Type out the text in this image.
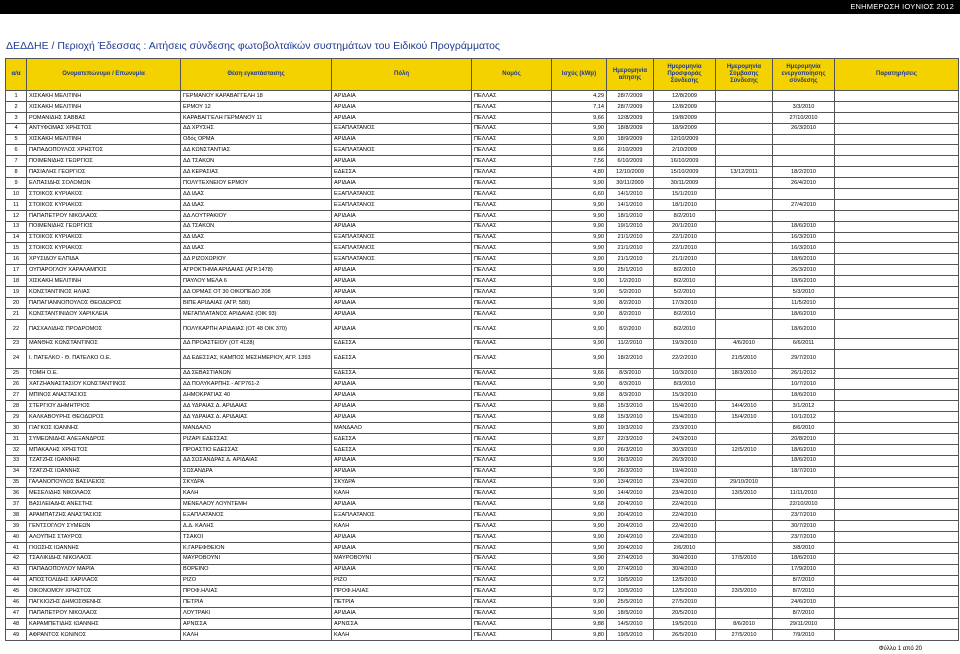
ΕΝΗΜΕΡΩΣΗ ΙΟΥΝΙΟΣ 2012
ΔΕΔΔΗΕ / Περιοχή Έδεσσας : Αιτήσεις σύνδεσης φωτοβολταϊκών συστημάτων του Ειδικού Προγράμματος
α/α	Ονοματεπώνυμο / Επωνυμία	Θέση εγκατάστασης	Πόλη	Νομός	Ισχύς (kWp)	Ημερομηνία αίτησης	Ημερομηνία Προσφοράς Σύνδεσης	Ημερομηνία Σύμβασης Σύνδεσης	Ημερομηνία ενεργοποίησης σύνδεσης	Παρατηρήσεις
1	ΧΙΣΚΑΚΗ ΜΕΛΙΤΙΝΗ	ΓΕΡΜΑΝΟΥ ΚΑΡΑΒΑΓΓΕΛΗ 18	ΑΡΙΔΑΙΑ	ΠΕΛΛΑΣ	4,29	28/7/2009	12/8/2009			
2	ΧΙΣΚΑΚΗ ΜΕΛΙΤΙΝΗ	ΕΡΜΟΥ 12	ΑΡΙΔΑΙΑ	ΠΕΛΛΑΣ	7,14	28/7/2009	12/8/2009		3/3/2010	
3	ΡΩΜΑΝΙΔΗΣ ΣΑΒΒΑΣ	ΚΑΡΑΒΑΓΓΕΛΗ ΓΕΡΜΑΝΟΥ 11	ΑΡΙΔΑΙΑ	ΠΕΛΛΑΣ	9,66	12/8/2009	19/8/2009		27/10/2010	
4	ΑΝΤΥΦΩΜΑΣ ΧΡΗΣΤΟΣ	ΔΔ ΧΡΥΣΗΣ	ΕΞΑΠΛΑΤΑΝΟΣ	ΠΕΛΛΑΣ	9,90	18/8/2009	18/9/2009		26/3/2010	
5	ΧΙΣΚΑΚΗ ΜΕΛΙΤΙΝΗ	Οδός ΟΡΜΑ	ΑΡΙΔΑΙΑ	ΠΕΛΛΑΣ	9,90	18/9/2009	12/10/2009			
6	ΠΑΠΑΔΟΠΟΥΛΟΣ ΧΡΗΣΤΟΣ	ΔΔ ΚΩΝΣΤΑΝΤΙΑΣ	ΕΞΑΠΛΑΤΑΝΟΣ	ΠΕΛΛΑΣ	9,66	2/10/2009	2/10/2009			
7	ΠΟΙΜΕΝΙΔΗΣ ΓΕΩΡΓΙΟΣ	ΔΔ ΤΣΑΚΩΝ	ΑΡΙΔΑΙΑ	ΠΕΛΛΑΣ	7,56	6/10/2009	16/10/2009			
8	ΠΑΣΙΑΛΗΣ ΓΕΩΡΓΙΟΣ	ΔΔ ΚΕΡΑΣΙΑΣ	ΕΔΕΣΣΑ	ΠΕΛΛΑΣ	4,80	12/10/2009	15/10/2009	13/12/2011	18/2/2010	
9	ΕΛΠΑΣΙΔΗΣ ΣΟΛΟΜΩΝ	ΠΟΛΥΤΕΧΝΕΙΟΥ ΕΡΜΟΥ	ΑΡΙΔΑΙΑ	ΠΕΛΛΑΣ	9,90	30/11/2009	30/11/2009		26/4/2010	
10	ΣΤΟΙΚΟΣ ΚΥΡΙΑΚΟΣ	ΔΔ ΙΔΑΣ	ΕΞΑΠΛΑΤΑΝΟΣ	ΠΕΛΛΑΣ	6,60	14/1/2010	15/1/2010			
11	ΣΤΟΙΚΟΣ ΚΥΡΙΑΚΟΣ	ΔΔ ΙΔΑΣ	ΕΞΑΠΛΑΤΑΝΟΣ	ΠΕΛΛΑΣ	9,90	14/1/2010	18/1/2010		27/4/2010	
12	ΠΑΠΑΠΕΤΡΟΥ ΝΙΚΟΛΑΟΣ	ΔΔ ΛΟΥΤΡΑΚΙΟΥ	ΑΡΙΔΑΙΑ	ΠΕΛΛΑΣ	9,90	18/1/2010	8/2/2010			
13	ΠΟΙΜΕΝΙΔΗΣ ΓΕΩΡΓΙΟΣ	ΔΔ ΤΣΑΚΩΝ	ΑΡΙΔΑΙΑ	ΠΕΛΛΑΣ	9,90	19/1/2010	20/1/2010		18/6/2010	
14	ΣΤΟΙΚΟΣ ΚΥΡΙΑΚΟΣ	ΔΔ ΙΔΑΣ	ΕΞΑΠΛΑΤΑΝΟΣ	ΠΕΛΛΑΣ	9,90	21/1/2010	22/1/2010		16/3/2010	
15	ΣΤΟΙΚΟΣ ΚΥΡΙΑΚΟΣ	ΔΔ ΙΔΑΣ	ΕΞΑΠΛΑΤΑΝΟΣ	ΠΕΛΛΑΣ	9,90	21/1/2010	22/1/2010		16/3/2010	
16	ΧΡΥΣΙΔΟΥ ΕΛΠΙΔΑ	ΔΔ ΡΙΖΟΧΩΡΙΟΥ	ΕΞΑΠΛΑΤΑΝΟΣ	ΠΕΛΛΑΣ	9,90	21/1/2010	21/1/2010		18/6/2010	
17	ΟΥΠΑΡΟΓΛΟΥ ΧΑΡΑΛΑΜΠΟΣ	ΑΓΡΟΚΤΗΜΑ ΑΡΙΔΑΙΑΣ (ΑΓΡ.1478)	ΑΡΙΔΑΙΑ	ΠΕΛΛΑΣ	9,90	25/1/2010	8/2/2010		26/3/2010	
18	ΧΙΣΚΑΚΗ ΜΕΛΙΤΙΝΗ	ΠΑΥΛΟΥ ΜΕΛΑ 6	ΑΡΙΔΑΙΑ	ΠΕΛΛΑΣ	9,90	1/2/2010	8/2/2010		18/6/2010	
19	ΚΩΝΣΤΑΝΤΙΝΟΣ ΗΛΙΑΣ	ΔΔ ΟΡΜΑΣ ΟΤ 30 ΟΙΚΟΠΕΔΟ 208	ΑΡΙΔΑΙΑ	ΠΕΛΛΑΣ	9,90	5/2/2010	5/2/2010		5/3/2010	
20	ΠΑΠΑΓΙΑΝΝΟΠΟΥΛΟΣ ΘΕΟΔΩΡΟΣ	ΒΙΠΕ ΑΡΙΔΑΙΑΣ (ΑΓΡ. 580)	ΑΡΙΔΑΙΑ	ΠΕΛΛΑΣ	9,90	8/2/2010	17/3/2010		11/5/2010	
21	ΚΩΝΣΤΑΝΤΙΝΙΔΟΥ ΧΑΡΙΚΛΕΙΑ	ΜΕΓΑΠΛΑΤΑΝΟΣ ΑΡΙΔΑΙΑΣ (ΟΙΚ 93)	ΑΡΙΔΑΙΑ	ΠΕΛΛΑΣ	9,90	8/2/2010	8/2/2010		18/6/2010	
22	ΠΑΣΧΑΛΙΔΗΣ ΠΡΟΔΡΟΜΟΣ	ΠΟΛΥΚΑΡΠΗ ΑΡΙΔΑΙΑΣ (ΟΤ 48 ΟΙΚ 370)	ΑΡΙΔΑΙΑ	ΠΕΛΛΑΣ	9,90	8/2/2010	8/2/2010		18/6/2010	
23	ΜΑΝΘΗΣ ΚΩΝΣΤΑΝΤΙΝΟΣ	ΔΔ ΠΡΟΑΣΤΕΙΟΥ (ΟΤ 4128)	ΕΔΕΣΣΑ	ΠΕΛΛΑΣ	9,90	11/2/2010	19/3/2010	4/6/2010	6/6/2011	
24	Ι. ΠΑΤΕΛΚΟ - Θ. ΠΑΤΕΛΚΟ Ο.Ε.	ΔΔ ΕΔΕΣΣΑΣ, ΚΑΜΠΟΣ ΜΕΣΗΜΕΡΙΟΥ, ΑΓΡ. 1393	ΕΔΕΣΣΑ	ΠΕΛΛΑΣ	9,90	18/2/2010	22/2/2010	21/5/2010	29/7/2010	
25	ΤΟΜΗ Ο.Ε.	ΔΔ ΣΕΒΑΣΤΙΑΝΩΝ	ΕΔΕΣΣΑ	ΠΕΛΛΑΣ	9,66	8/3/2010	10/3/2010	18/3/2010	26/1/2012	
26	ΧΑΤΖΗΑΝΑΣΤΑΣΙΟΥ ΚΩΝΣΤΑΝΤΙΝΟΣ	ΔΔ ΠΟΛΥΚΑΡΠΗΣ - ΑΓΡ761-2	ΑΡΙΔΑΙΑ	ΠΕΛΛΑΣ	9,90	8/3/2010	8/3/2010		10/7/2010	
27	ΜΠΙΝΟΣ ΑΝΑΣΤΑΣΙΟΣ	ΔΗΜΟΚΡΑΤΙΑΣ 40	ΑΡΙΔΑΙΑ	ΠΕΛΛΑΣ	9,68	8/3/2010	15/3/2010		18/6/2010	
28	ΣΤΕΡΓΙΟΥ ΔΗΜΗΤΡΙΟΣ	ΔΔ ΥΔΡΑΙΑΣ Δ. ΑΡΙΔΑΙΑΣ	ΑΡΙΔΑΙΑ	ΠΕΛΛΑΣ	9,68	15/3/2010	15/4/2010	14/4/2010	3/1/2012	
29	ΚΑΛΚΑΒΟΥΡΗΣ ΘΕΟΔΩΡΟΣ	ΔΔ ΥΔΡΑΙΑΣ Δ. ΑΡΙΔΑΙΑΣ	ΑΡΙΔΑΙΑ	ΠΕΛΛΑΣ	9,68	15/3/2010	15/4/2010	15/4/2010	10/1/2012	
30	ΓΙΑΓΚΟΣ ΙΩΑΝΝΗΣ	ΜΑΝΔΑΛΟ	ΜΑΝΔΑΛΟ	ΠΕΛΛΑΣ	9,80	19/3/2010	23/3/2010		8/6/2010	
31	ΣΥΜΕΩΝΙΔΗΣ ΑΛΕΞΑΝΔΡΟΣ	ΡΙΖΑΡΙ ΕΔΕΣΣΑΣ	ΕΔΕΣΣΑ	ΠΕΛΛΑΣ	9,87	22/3/2010	24/3/2010		20/8/2010	
32	ΜΠΑΚΑΛΗΣ ΧΡΗΣΤΟΣ	ΠΡΟΑΣΤΙΟ ΕΔΕΣΣΑΣ	ΕΔΕΣΣΑ	ΠΕΛΛΑΣ	9,90	26/3/2010	30/3/2010	12/5/2010	18/6/2010	
33	ΤΖΑΤΖΗΣ ΙΩΑΝΝΗΣ	ΔΔ ΣΩΣΑΝΔΡΑΣ Δ. ΑΡΙΔΑΙΑΣ	ΑΡΙΔΑΙΑ	ΠΕΛΛΑΣ	9,90	26/3/2010	26/3/2010		18/6/2010	
34	ΤΖΑΤΖΗΣ ΙΩΑΝΝΗΣ	ΣΩΣΑΝΔΡΑ	ΑΡΙΔΑΙΑ	ΠΕΛΛΑΣ	9,90	26/3/2010	19/4/2010		18/7/2010	
35	ΓΑΛΑΝΟΠΟΥΛΟΣ ΒΑΣΙΛΕΙΟΣ	ΣΚΥΔΡΑ	ΣΚΥΔΡΑ	ΠΕΛΛΑΣ	9,90	13/4/2010	23/4/2010	29/10/2010		
36	ΜΕΣΕΛΙΔΗΣ ΝΙΚΟΛΑΟΣ	ΚΑΛΗ	ΚΑΛΗ	ΠΕΛΛΑΣ	9,90	14/4/2010	23/4/2010	13/5/2010	11/11/2010	
37	ΒΑΣΙΛΕΙΑΔΗΣ ΑΝΕΣΤΗΣ	ΜΕΝΕΛΑΟΥ ΛΟΥΝΤΕΜΗ	ΑΡΙΔΑΙΑ	ΠΕΛΛΑΣ	9,68	20/4/2010	22/4/2010		22/10/2010	
38	ΑΡΑΜΠΑΤΖΗΣ ΑΝΑΣΤΑΣΙΟΣ	ΕΞΑΠΛΑΤΑΝΟΣ	ΕΞΑΠΛΑΤΑΝΟΣ	ΠΕΛΛΑΣ	9,90	20/4/2010	22/4/2010		23/7/2010	
39	ΓΕΝΤΣΟΓΛΟΥ ΣΥΜΕΩΝ	Δ.Δ. ΚΑΛΗΣ	ΚΑΛΗ	ΠΕΛΛΑΣ	9,90	20/4/2010	22/4/2010		30/7/2010	
40	ΑΛΟΥΠΗΣ ΣΤΑΥΡΟΣ	ΤΣΑΚΟΙ	ΑΡΙΔΑΙΑ	ΠΕΛΛΑΣ	9,90	20/4/2010	22/4/2010		23/7/2010	
41	ΓΚΙΩΣΗΣ ΙΩΑΝΝΗΣ	Κ.ΓΑΡΕΦΘΕΙΟΝ	ΑΡΙΔΑΙΑ	ΠΕΛΛΑΣ	9,90	20/4/2010	2/6/2010		3/8/2010	
42	ΤΣΑΛΙΚΙΔΗΣ ΝΙΚΟΛΑΟΣ	ΜΑΥΡΟΒΟΥΝΙ	ΜΑΥΡΟΒΟΥΝΙ	ΠΕΛΛΑΣ	9,90	27/4/2010	30/4/2010	17/5/2010	18/6/2010	
43	ΠΑΠΑΔΟΠΟΥΛΟΥ ΜΑΡΙΑ	ΒΟΡΕΙΝΟ	ΑΡΙΔΑΙΑ	ΠΕΛΛΑΣ	9,90	27/4/2010	30/4/2010		17/9/2010	
44	ΑΠΟΣΤΟΛΙΔΗΣ ΧΑΡΙΛΑΟΣ	ΡΙΖΟ	ΡΙΖΟ	ΠΕΛΛΑΣ	9,72	10/5/2010	12/5/2010		8/7/2010	
45	ΟΙΚΟΝΟΜΟΥ ΧΡΗΣΤΟΣ	ΠΡΟΦ.ΗΛΙΑΣ	ΠΡΟΦ.ΗΛΙΑΣ	ΠΕΛΛΑΣ	9,72	10/5/2010	12/5/2010	23/5/2010	8/7/2010	
46	ΠΑΓΚΙΟΖΗΣ ΔΗΜΟΣΘΕΝΗΣ	ΠΕΤΡΙΑ	ΠΕΤΡΙΑ	ΠΕΛΛΑΣ	9,90	25/5/2010	27/5/2010		24/6/2010	
47	ΠΑΠΑΠΕΤΡΟΥ ΝΙΚΟΛΑΟΣ	ΛΟΥΤΡΑΚΙ	ΑΡΙΔΑΙΑ	ΠΕΛΛΑΣ	9,90	18/5/2010	20/5/2010		8/7/2010	
48	ΚΑΡΑΜΠΕΤΙΔΗΣ ΙΩΑΝΝΗΣ	ΑΡΝΙΣΣΑ	ΑΡΝΙΣΣΑ	ΠΕΛΛΑΣ	9,88	14/5/2010	19/5/2010	8/6/2010	29/11/2010	
49	ΑΦΡΑΝΤΟΣ ΚΩΝ/ΝΟΣ	ΚΑΛΗ	ΚΑΛΗ	ΠΕΛΛΑΣ	9,80	19/5/2010	26/5/2010	27/5/2010	7/9/2010	
Φύλλο 1 από 20
